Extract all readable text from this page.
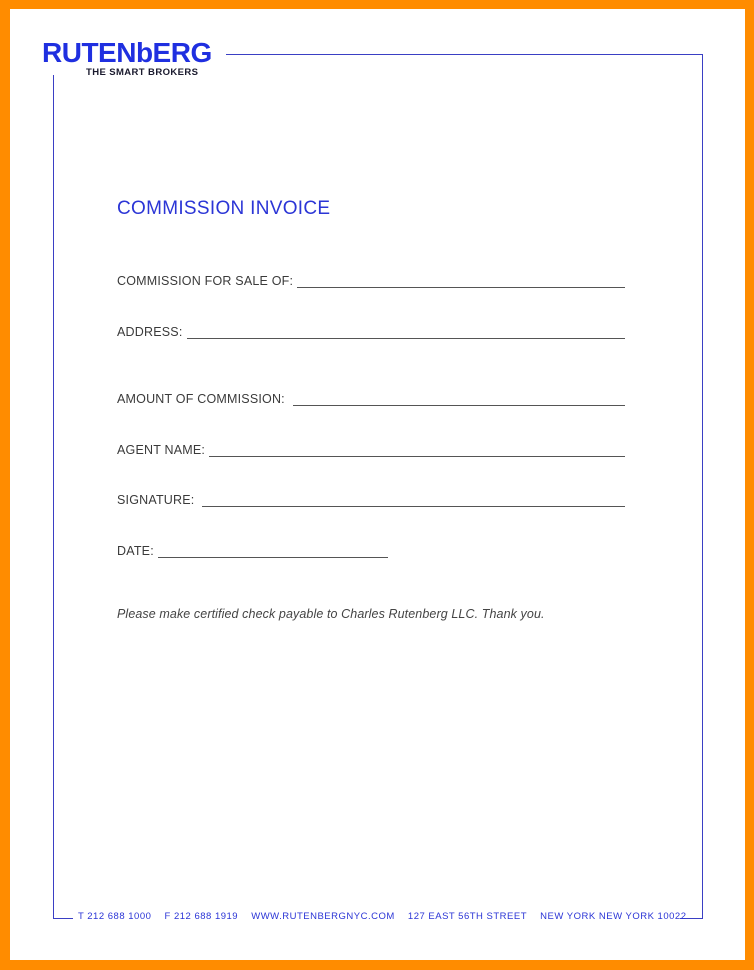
RUTENbERG
THE SMART BROKERS
COMMISSION INVOICE
COMMISSION FOR SALE OF:
ADDRESS:
AMOUNT OF COMMISSION:
AGENT NAME:
SIGNATURE:
DATE:
Please make certified check payable to Charles Rutenberg LLC. Thank you.
T 212 688 1000 F 212 688 1919 WWW.RUTENBERGNYC.COM 127 EAST 56TH STREET NEW YORK NEW YORK 10022
